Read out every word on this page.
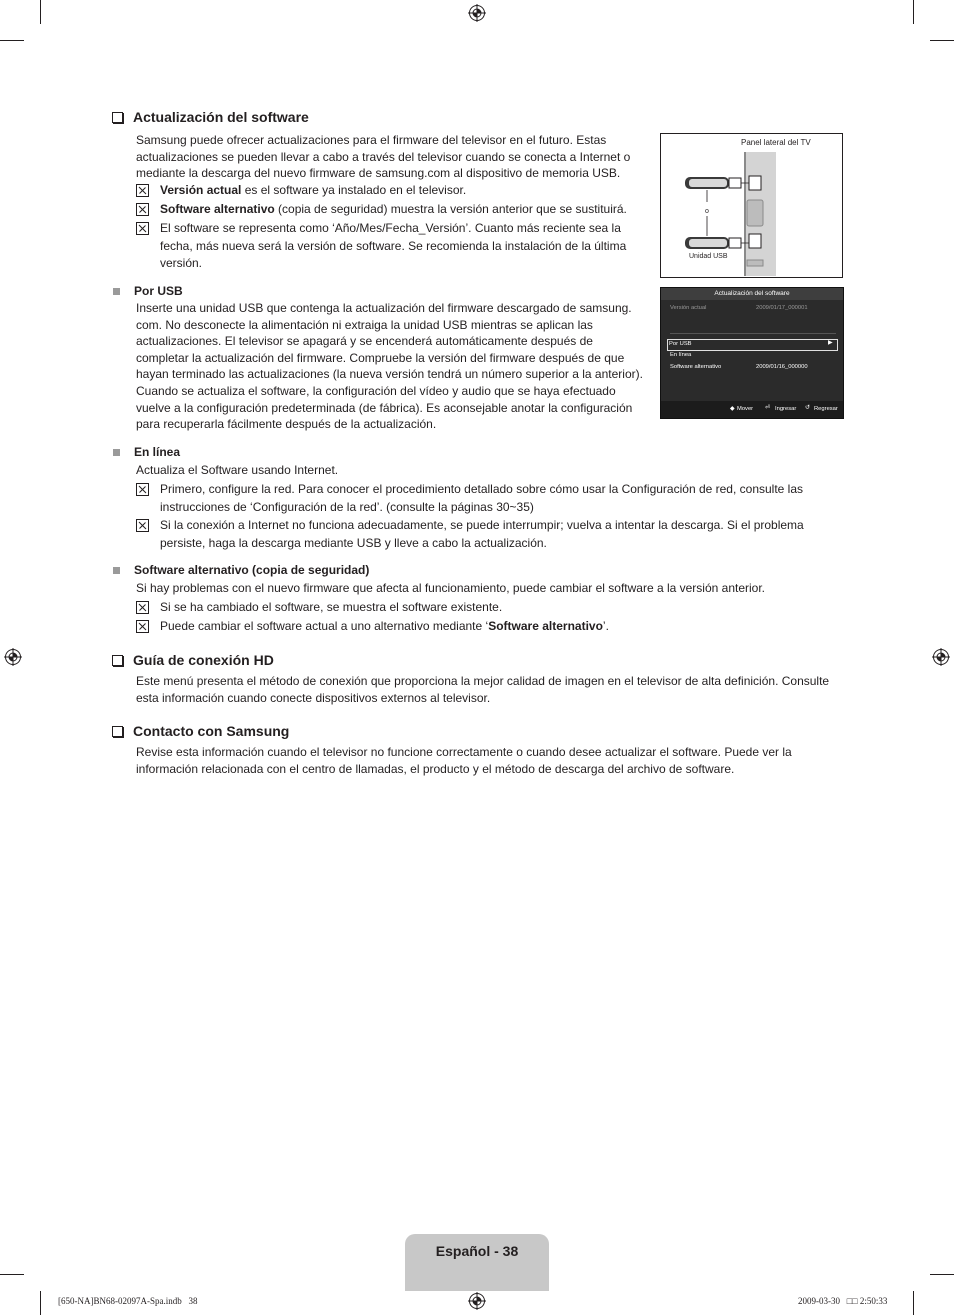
Actualización del software
Samsung puede ofrecer actualizaciones para el firmware del televisor en el futuro. Estas
actualizaciones se pueden llevar a cabo a través del televisor cuando se conecta a Internet o
mediante la descarga del nuevo firmware de samsung.com al dispositivo de memoria USB.
Versión actual es el software ya instalado en el televisor.
Software alternativo (copia de seguridad) muestra la versión anterior que se sustituirá.
El software se representa como ‘Año/Mes/Fecha_Versión’. Cuanto más reciente sea la
fecha, más nueva será la versión de software. Se recomienda la instalación de la última
versión.
Panel lateral del TV
o
Unidad USB
Por USB
Inserte una unidad USB que contenga la actualización del firmware descargado de samsung.
com. No desconecte la alimentación ni extraiga la unidad USB mientras se aplican las
actualizaciones. El televisor se apagará y se encenderá automáticamente después de
completar la actualización del firmware. Compruebe la versión del firmware después de que
hayan terminado las actualizaciones (la nueva versión tendrá un número superior a la anterior).
Cuando se actualiza el software, la configuración del vídeo y audio que se haya efectuado
vuelve a la configuración predeterminada (de fábrica). Es aconsejable anotar la configuración
para recuperarla fácilmente después de la actualización.
Actualización del software
Versión actual	2009/01/17_000001
Por USB	▶
En línea
Software alternativo	2009/01/16_000000
◆ Mover ⏎ Ingresar ↺ Regresar
En línea
Actualiza el Software usando Internet.
Primero, configure la red. Para conocer el procedimiento detallado sobre cómo usar la Configuración de red, consulte las
instrucciones de ‘Configuración de la red’. (consulte la páginas 30~35)
Si la conexión a Internet no funciona adecuadamente, se puede interrumpir; vuelva a intentar la descarga. Si el problema
persiste, haga la descarga mediante USB y lleve a cabo la actualización.
Software alternativo (copia de seguridad)
Si hay problemas con el nuevo firmware que afecta al funcionamiento, puede cambiar el software a la versión anterior.
Si se ha cambiado el software, se muestra el software existente.
Puede cambiar el software actual a uno alternativo mediante ‘Software alternativo’.
Guía de conexión HD
Este menú presenta el método de conexión que proporciona la mejor calidad de imagen en el televisor de alta definición. Consulte
esta información cuando conecte dispositivos externos al televisor.
Contacto con Samsung
Revise esta información cuando el televisor no funcione correctamente o cuando desee actualizar el software. Puede ver la
información relacionada con el centro de llamadas, el producto y el método de descarga del archivo de software.
Español - 38
[650-NA]BN68-02097A-Spa.indb   38	2009-03-30   □□ 2:50:33
